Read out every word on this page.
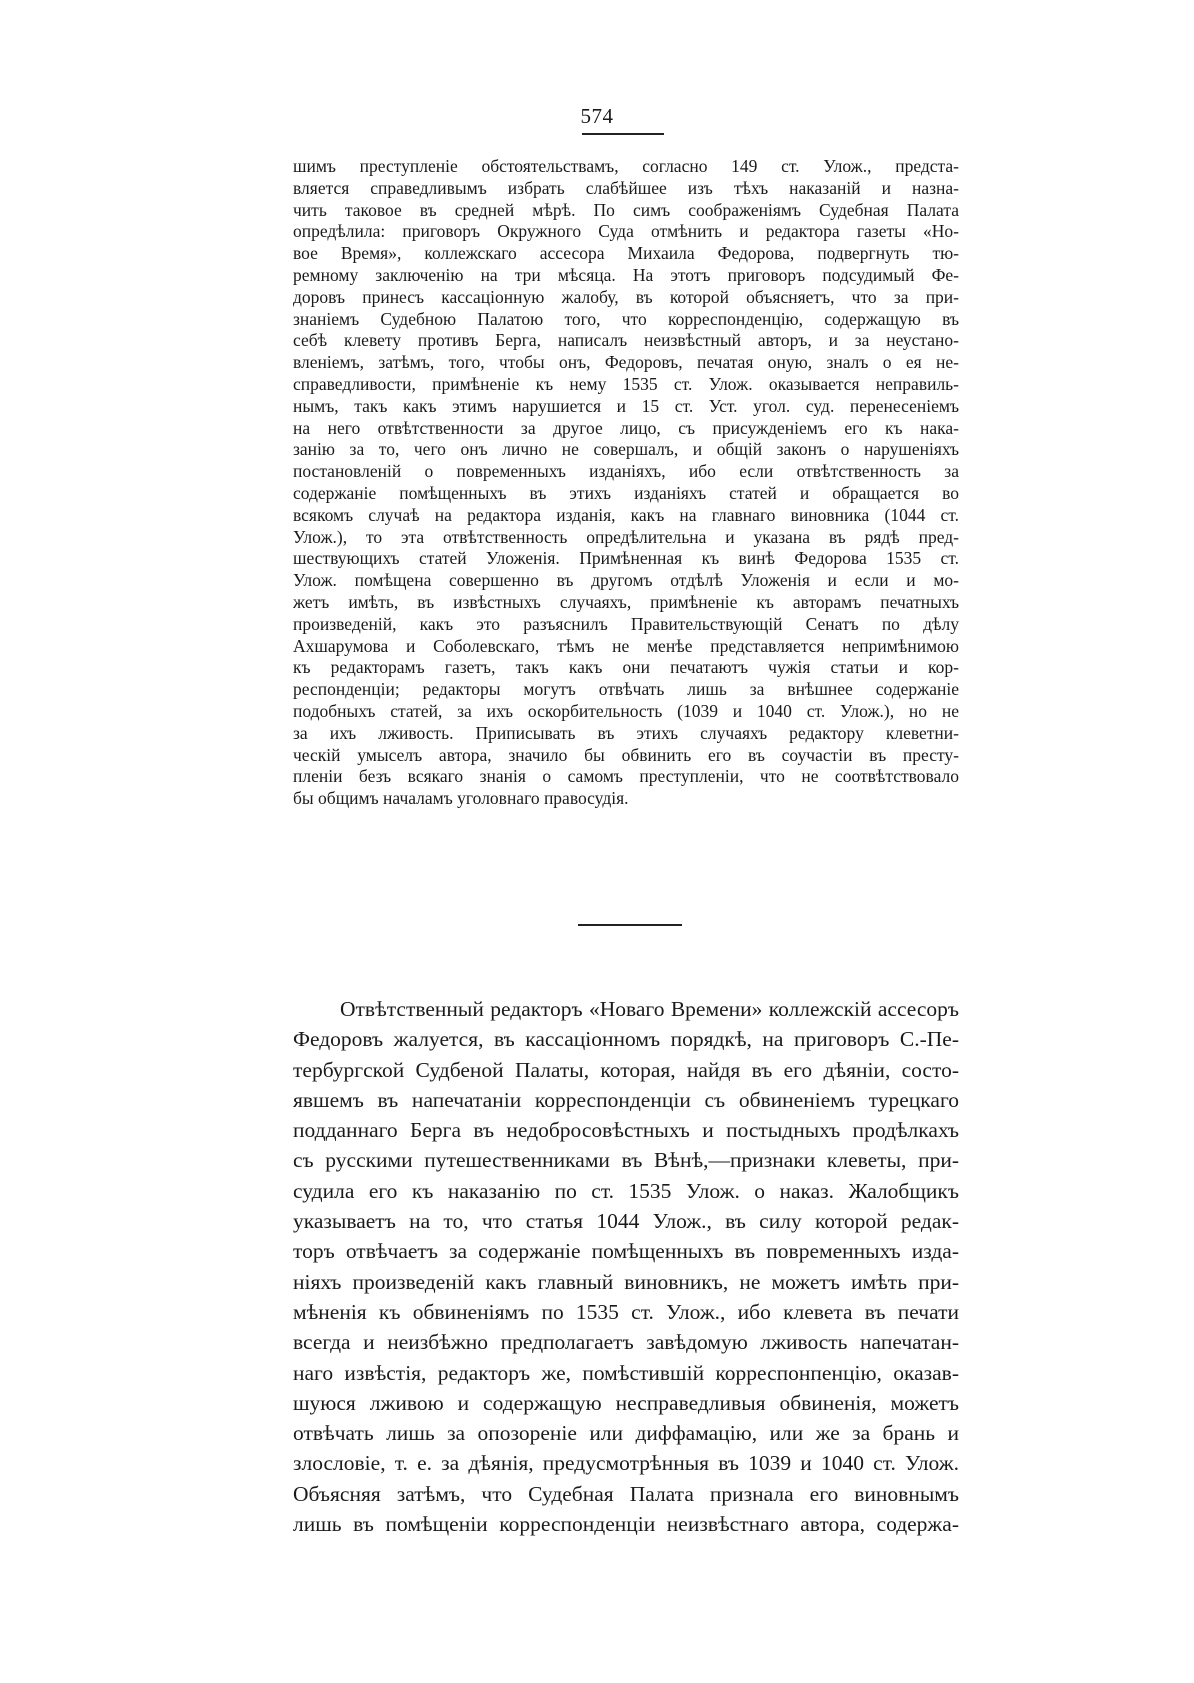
574
шимъ преступленіе обстоятельствамъ, согласно 149 ст. Улож., предста-
вляется справедливымъ избрать слабѣйшее изъ тѣхъ наказаній и назна-
чить таковое въ средней мѣрѣ. По симъ соображеніямъ Судебная Палата
опредѣлила: приговоръ Окружного Суда отмѣнить и редактора газеты «Но-
вое Время», коллежскаго ассесора Михаила Федорова, подвергнуть тю-
ремному заключенію на три мѣсяца. На этотъ приговоръ подсудимый Фе-
доровъ принесъ кассаціонную жалобу, въ которой объясняетъ, что за при-
знаніемъ Судебною Палатою того, что корреспонденцію, содержащую въ
себѣ клевету противъ Берга, написалъ неизвѣстный авторъ, и за неустано-
вленіемъ, затѣмъ, того, чтобы онъ, Федоровъ, печатая оную, зналъ о ея не-
справедливости, примѣненіе къ нему 1535 ст. Улож. оказывается неправиль-
нымъ, такъ какъ этимъ нарушиется и 15 ст. Уст. угол. суд. перенесеніемъ
на него отвѣтственности за другое лицо, съ присужденіемъ его къ нака-
занію за то, чего онъ лично не совершалъ, и общій законъ о нарушеніяхъ
постановленій о повременныхъ изданіяхъ, ибо если отвѣтственность за
содержаніе помѣщенныхъ въ этихъ изданіяхъ статей и обращается во
всякомъ случаѣ на редактора изданія, какъ на главнаго виновника (1044 ст.
Улож.), то эта отвѣтственность опредѣлительна и указана въ рядѣ пред-
шествующихъ статей Уложенія. Примѣненная къ винѣ Федорова 1535 ст.
Улож. помѣщена совершенно въ другомъ отдѣлѣ Уложенія и если и мо-
жетъ имѣть, въ извѣстныхъ случаяхъ, примѣненіе къ авторамъ печатныхъ
произведеній, какъ это разъяснилъ Правительствующій Сенатъ по дѣлу
Ахшарумова и Соболевскаго, тѣмъ не менѣе представляется непримѣнимою
къ редакторамъ газетъ, такъ какъ они печатаютъ чужія статьи и кор-
респонденціи; редакторы могутъ отвѣчать лишь за внѣшнее содержаніе
подобныхъ статей, за ихъ оскорбительность (1039 и 1040 ст. Улож.), но не
за ихъ лживость. Приписывать въ этихъ случаяхъ редактору клеветни-
ческій умыселъ автора, значило бы обвинить его въ соучастіи въ престу-
пленіи безъ всякаго знанія о самомъ преступленіи, что не соотвѣтствовало
бы общимъ началамъ уголовнаго правосудія.
Отвѣтственный редакторъ «Новаго Времени» коллежскій ассесоръ
Федоровъ жалуется, въ кассаціонномъ порядкѣ, на приговоръ С.-Пе-
тербургской Судбеной Палаты, которая, найдя въ его дѣяніи, состо-
явшемъ въ напечатаніи корреспонденціи съ обвиненіемъ турецкаго
подданнаго Берга въ недобросовѣстныхъ и постыдныхъ продѣлкахъ
съ русскими путешественниками въ Вѣнѣ,—признаки клеветы, при-
судила его къ наказанію по ст. 1535 Улож. о наказ. Жалобщикъ
указываетъ на то, что статья 1044 Улож., въ силу которой редак-
торъ отвѣчаетъ за содержаніе помѣщенныхъ въ повременныхъ изда-
ніяхъ произведеній какъ главный виновникъ, не можетъ имѣть при-
мѣненія къ обвиненіямъ по 1535 ст. Улож., ибо клевета въ печати
всегда и неизбѣжно предполагаетъ завѣдомую лживость напечатан-
наго извѣстія, редакторъ же, помѣстившій корреспонпенцію, оказав-
шуюся лживою и содержащую несправедливыя обвиненія, можетъ
отвѣчать лишь за опозореніе или диффамацію, или же за брань и
злословіе, т. е. за дѣянія, предусмотрѣнныя въ 1039 и 1040 ст. Улож.
Объясняя затѣмъ, что Судебная Палата признала его виновнымъ
лишь въ помѣщеніи корреспонденціи неизвѣстнаго автора, содержа-
